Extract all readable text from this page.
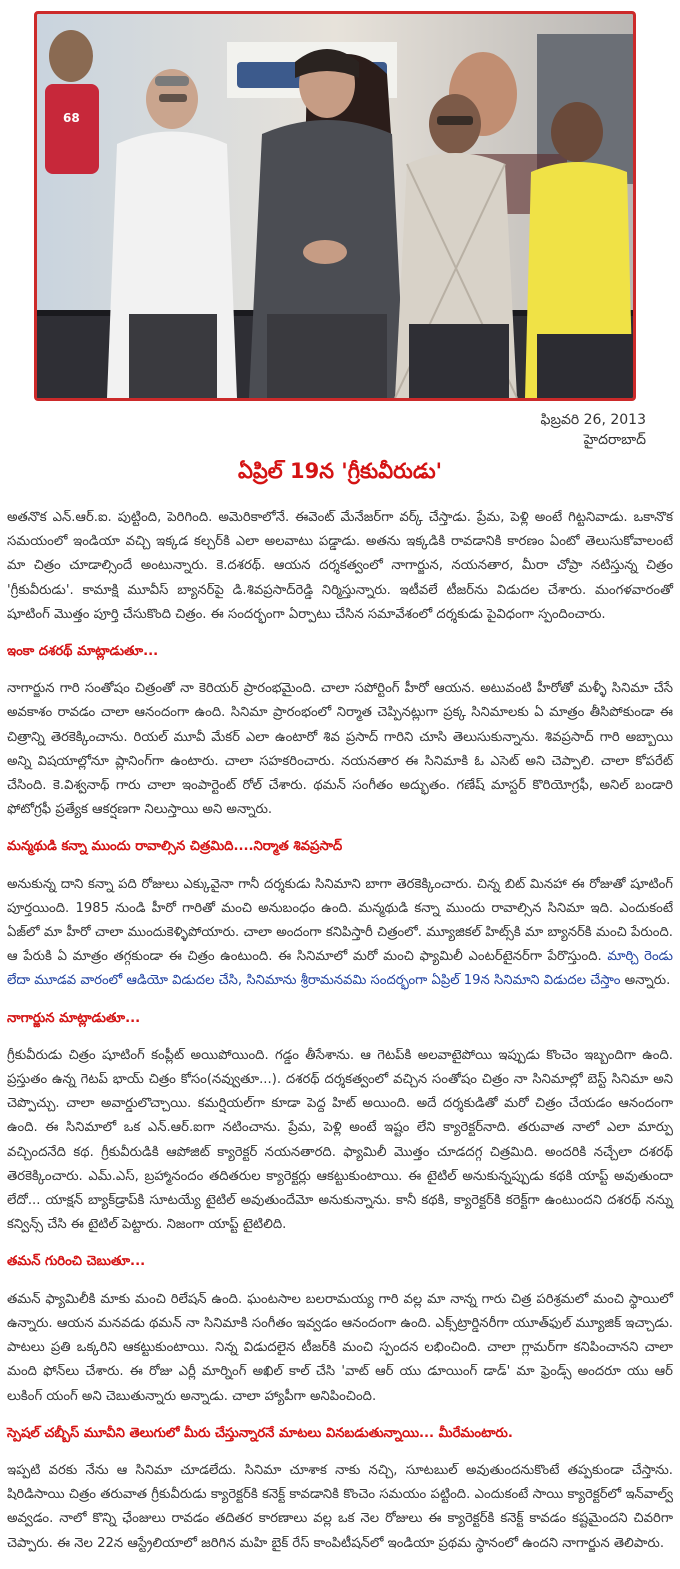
68
ఫిబ్రవరి 26, 2013
హైదరాబాద్
ఏప్రిల్ 19న 'గ్రీకువీరుడు'

అతనొక ఎన్.ఆర్.ఐ. పుట్టింది, పెరిగింది. అమెరికాలోనే. ఈవెంట్ మేనేజర్‌గా వర్క్ చేస్తాడు. ప్రేమ, పెళ్లి అంటే గిట్టనివాడు. ఒకానొక సమయంలో ఇండియా వచ్చి ఇక్కడ కల్చర్‌కి ఎలా అలవాటు పడ్డాడు. అతను ఇక్కడికి రావడానికి కారణం ఏంటో తెలుసుకోవాలంటే మా చిత్రం చూడాల్సిందే అంటున్నారు. కె.దశరథ్. ఆయన దర్శకత్వంలో నాగార్జున, నయనతార, మీరా చోప్రా నటిస్తున్న చిత్రం 'గ్రీకువీరుడు'. కామాక్షి మూవీస్ బ్యానర్‌పై డి.శివప్రసాద్‌రెడ్డి నిర్మిస్తున్నారు. ఇటీవలే టీజర్‌ను విడుదల చేశారు. మంగళవారంతో షూటింగ్ మొత్తం పూర్తి చేసుకొంది చిత్రం. ఈ సందర్భంగా ఏర్పాటు చేసిన సమావేశంలో దర్శకుడు పైవిధంగా స్పందించారు.

ఇంకా దశరథ్ మాట్లాడుతూ...

నాగార్జున గారి సంతోషం చిత్రంతో నా కెరియర్ ప్రారంభమైంది. చాలా సపోర్టింగ్ హీరో ఆయన. అటువంటి హీరోతో మళ్ళీ సినిమా చేసే అవకాశం రావడం చాలా ఆనందంగా ఉంది. సినిమా ప్రారంభంలో నిర్మాత చెప్పినట్లుగా ప్రక్క సినిమాలకు ఏ మాత్రం తీసిపోకుండా ఈ చిత్రాన్ని తెరకెక్కించాను. రియల్ మూవీ మేకర్ ఎలా ఉంటారో శివ ప్రసాద్ గారిని చూసి తెలుసుకున్నాను. శివప్రసాద్ గారి అబ్బాయి అన్ని విషయాల్లోనూ ప్లానింగ్‌గా ఉంటారు. చాలా సహకరించారు. నయనతార ఈ సినిమాకి ఓ ఎసెట్ అని చెప్పాలి. చాలా కోపరేట్ చేసింది. కె.విశ్వనాథ్ గారు చాలా ఇంపార్టెంట్ రోల్ చేశారు. థమన్ సంగీతం అద్భుతం. గణేష్ మాస్టర్ కొరియోగ్రఫీ, అనిల్ బండారి ఫోటోగ్రఫీ ప్రత్యేక ఆకర్షణగా నిలుస్తాయి అని అన్నారు.

మన్మథుడి కన్నా ముందు రావాల్సిన చిత్రమిది....నిర్మాత శివప్రసాద్

అనుకున్న దాని కన్నా పది రోజులు ఎక్కువైనా గానీ దర్శకుడు సినిమాని బాగా తెరకెక్కించారు. చిన్న బిట్ మినహా ఈ రోజుతో షూటింగ్ పూర్తయింది. 1985 నుండి హీరో గారితో మంచి అనుబంధం ఉంది. మన్మథుడి కన్నా ముందు రావాల్సిన సినిమా ఇది. ఎందుకంటే ఏజ్‌లో మా హీరో చాలా ముందుకెళ్ళిపోయారు. చాలా అందంగా కనిపిస్తారీ చిత్రంలో. మ్యూజికల్ హిట్స్‌కి మా బ్యానర్‌కి మంచి పేరుంది. ఆ పేరుకి ఏ మాత్రం తగ్గకుండా ఈ చిత్రం ఉంటుంది. ఈ సినిమాలో మరో మంచి ఫ్యామిలీ ఎంటర్‌టైనర్‌గా పేరొస్తుంది. మార్చి రెండు లేదా మూడవ వారంలో ఆడియో విడుదల చేసి, సినిమాను శ్రీరామనవమి సందర్భంగా ఏప్రిల్ 19న సినిమాని విడుదల చేస్తాం అన్నారు.

నాగార్జున మాట్లాడుతూ...

గ్రీకువీరుడు చిత్రం షూటింగ్ కంప్లీట్ అయిపోయింది. గడ్డం తీసేశాను. ఆ గెటప్‌కి అలవాటైపోయి ఇప్పుడు కొంచెం ఇబ్బందిగా ఉంది. ప్రస్తుతం ఉన్న గెటప్ భాయ్ చిత్రం కోసం(నవ్వుతూ...). దశరథ్ దర్శకత్వంలో వచ్చిన సంతోషం చిత్రం నా సినిమాల్లో బెస్ట్ సినిమా అని చెప్పొచ్చు. చాలా అవార్డులొచ్చాయి. కమర్షియల్‌గా కూడా పెద్ద హిట్ అయింది. అదే దర్శకుడితో మరో చిత్రం చేయడం ఆనందంగా ఉంది. ఈ సినిమాలో ఒక ఎన్.ఆర్.ఐగా నటించాను. ప్రేమ, పెళ్లి అంటే ఇష్టం లేని క్యారెక్టర్‌నాది. తరువాత నాలో ఎలా మార్పు వచ్చిందనేది కథ. గ్రీకువీరుడికి ఆపోజిట్ క్యారెక్టర్ నయనతారది. ఫ్యామిలీ మొత్తం చూడదగ్గ చిత్రమిది. అందరికి నచ్చేలా దశరథ్ తెరకెక్కించారు. ఎమ్.ఎస్, బ్రహ్మానందం తదితరుల క్యారెక్టర్లు ఆకట్టుకుంటాయి. ఈ టైటిల్ అనుకున్నప్పుడు కథకి యాప్ట్ అవుతుందా లేదో... యాక్షన్ బ్యాక్‌డ్రాప్‌కి సూటయ్యే టైటిల్ అవుతుందేమో అనుకున్నాను. కానీ కథకి, క్యారెక్టర్‌కి కరెక్ట్‌గా ఉంటుందని దశరథ్ నన్ను కన్విన్స్ చేసి ఈ టైటిల్ పెట్టారు. నిజంగా యాప్ట్ టైటిలిది.

తమన్ గురించి చెబుతూ...

తమన్ ఫ్యామిలీకి మాకు మంచి రిలేషన్ ఉంది. ఘంటసాల బలరామయ్య గారి వల్ల మా నాన్న గారు చిత్ర పరిశ్రమలో మంచి స్థాయిలో ఉన్నారు. ఆయన మనవడు థమన్ నా సినిమాకి సంగీతం ఇవ్వడం ఆనందంగా ఉంది. ఎక్స్‌ట్రార్డినరీగా యూత్‌ఫుల్ మ్యూజిక్ ఇచ్చాడు. పాటలు ప్రతి ఒక్కరిని ఆకట్టుకుంటాయి. నిన్న విడుదలైన టీజర్‌కి మంచి స్పందన లభించింది. చాలా గ్లామర్‌గా కనిపించానని చాలా మంది ఫోన్‌లు చేశారు. ఈ రోజు ఎర్లీ మార్నింగ్ అఖిల్ కాల్ చేసి 'వాట్ ఆర్ యు డూయింగ్ డాడ్' మా ఫ్రెండ్స్ అందరూ యు ఆర్ లుకింగ్ యంగ్ అని చెబుతున్నారు అన్నాడు. చాలా హ్యాపీగా అనిపించింది.

స్పెషల్ చబ్బీస్ మూవీని తెలుగులో మీరు చేస్తున్నారనే మాటలు వినబడుతున్నాయి... మీరేమంటారు.

ఇప్పటి వరకు నేను ఆ సినిమా చూడలేదు. సినిమా చూశాక నాకు నచ్చి, సూటబుల్ అవుతుందనుకొంటే తప్పకుండా చేస్తాను. షిరిడిసాయి చిత్రం తరువాత గ్రీకువీరుడు క్యారెక్టర్‌కి కనెక్ట్ కావడానికి కొంచెం సమయం పట్టింది. ఎందుకంటే సాయి క్యారెక్టర్‌లో ఇన్‌వాల్వ్ అవ్వడం. నాలో కొన్ని ఛేంజులు రావడం తదితర కారణాలు వల్ల ఒక నెల రోజులు ఈ క్యారెక్టర్‌కి కనెక్ట్ కావడం కష్టమైందని చివరిగా చెప్పారు. ఈ నెల 22న ఆస్ట్రేలియాలో జరిగిన మహి బైక్ రేస్ కాంపిటీషన్‌లో ఇండియా ప్రథమ స్థానంలో ఉందని నాగార్జున తెలిపారు.
